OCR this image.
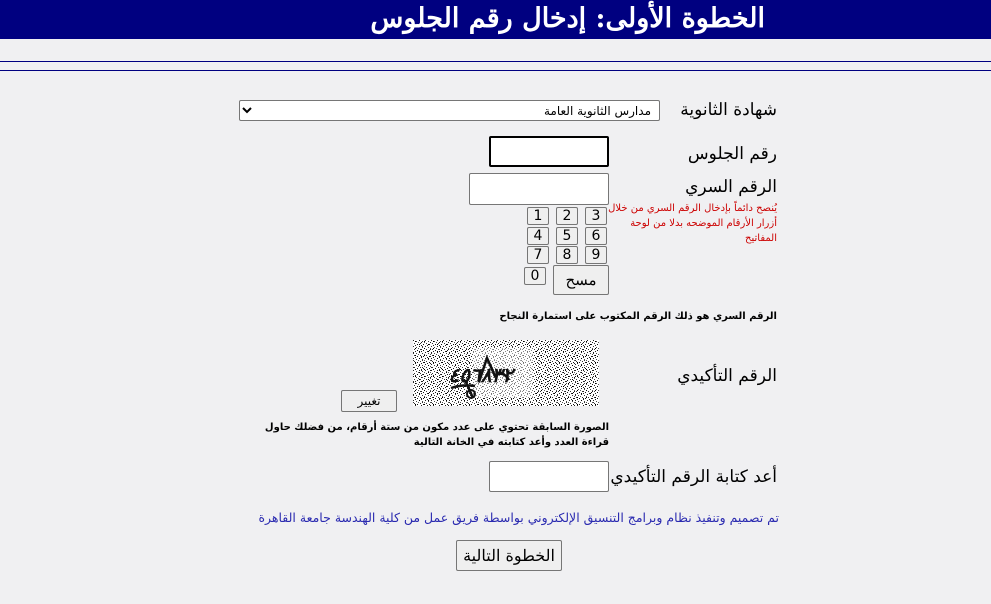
الخطوة الأولى: إدخال رقم الجلوس
شهادة الثانوية
مدارس الثانوية العامة
رقم الجلوس
الرقم السري
يُنصح دائماً بإدخال الرقم السري من خلال أزرار الأرقام الموضحه بدلا من لوحة المفاتيح
1	2	3
4	5	6
7	8	9
0	مسح
الرقم السري هو ذلك الرقم المكتوب على استمارة النجاح
الرقم التأكيدي
٤٥٦٨٣٢
تغيير
الصورة السابقة تحتوي على عدد مكون من ستة أرقام، من فضلك حاول قراءة العدد وأعد كتابته في الخانة التالية
أعد كتابة الرقم التأكيدي
تم تصميم وتنفيذ نظام وبرامج التنسيق الإلكتروني بواسطة فريق عمل من كلية الهندسة جامعة القاهرة
الخطوة التالية
